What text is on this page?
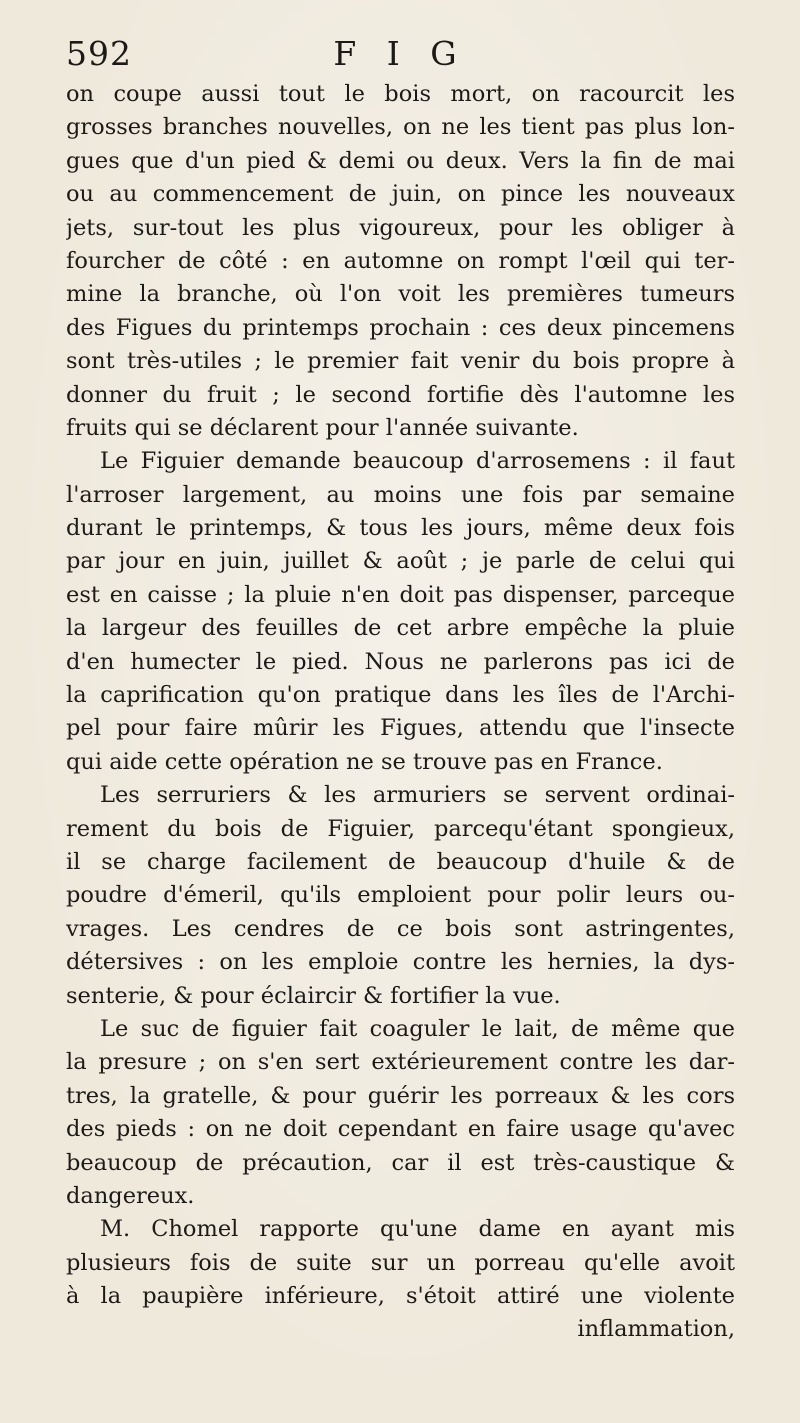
592	F I G
on coupe aussi tout le bois mort, on racourcit les
grosses branches nouvelles, on ne les tient pas plus lon-
gues que d'un pied & demi ou deux. Vers la fin de mai
ou au commencement de juin, on pince les nouveaux
jets, sur-tout les plus vigoureux, pour les obliger à
fourcher de côté : en automne on rompt l'œil qui ter-
mine la branche, où l'on voit les premières tumeurs
des Figues du printemps prochain : ces deux pincemens
sont très-utiles ; le premier fait venir du bois propre à
donner du fruit ; le second fortifie dès l'automne les
fruits qui se déclarent pour l'année suivante.
Le Figuier demande beaucoup d'arrosemens : il faut
l'arroser largement, au moins une fois par semaine
durant le printemps, & tous les jours, même deux fois
par jour en juin, juillet & août ; je parle de celui qui
est en caisse ; la pluie n'en doit pas dispenser, parceque
la largeur des feuilles de cet arbre empêche la pluie
d'en humecter le pied. Nous ne parlerons pas ici de
la caprification qu'on pratique dans les îles de l'Archi-
pel pour faire mûrir les Figues, attendu que l'insecte
qui aide cette opération ne se trouve pas en France.
Les serruriers & les armuriers se servent ordinai-
rement du bois de Figuier, parcequ'étant spongieux,
il se charge facilement de beaucoup d'huile & de
poudre d'émeril, qu'ils emploient pour polir leurs ou-
vrages. Les cendres de ce bois sont astringentes,
détersives : on les emploie contre les hernies, la dys-
senterie, & pour éclaircir & fortifier la vue.
Le suc de figuier fait coaguler le lait, de même que
la presure ; on s'en sert extérieurement contre les dar-
tres, la gratelle, & pour guérir les porreaux & les cors
des pieds : on ne doit cependant en faire usage qu'avec
beaucoup de précaution, car il est très-caustique &
dangereux.
M. Chomel rapporte qu'une dame en ayant mis
plusieurs fois de suite sur un porreau qu'elle avoit
à la paupière inférieure, s'étoit attiré une violente
inflammation,
